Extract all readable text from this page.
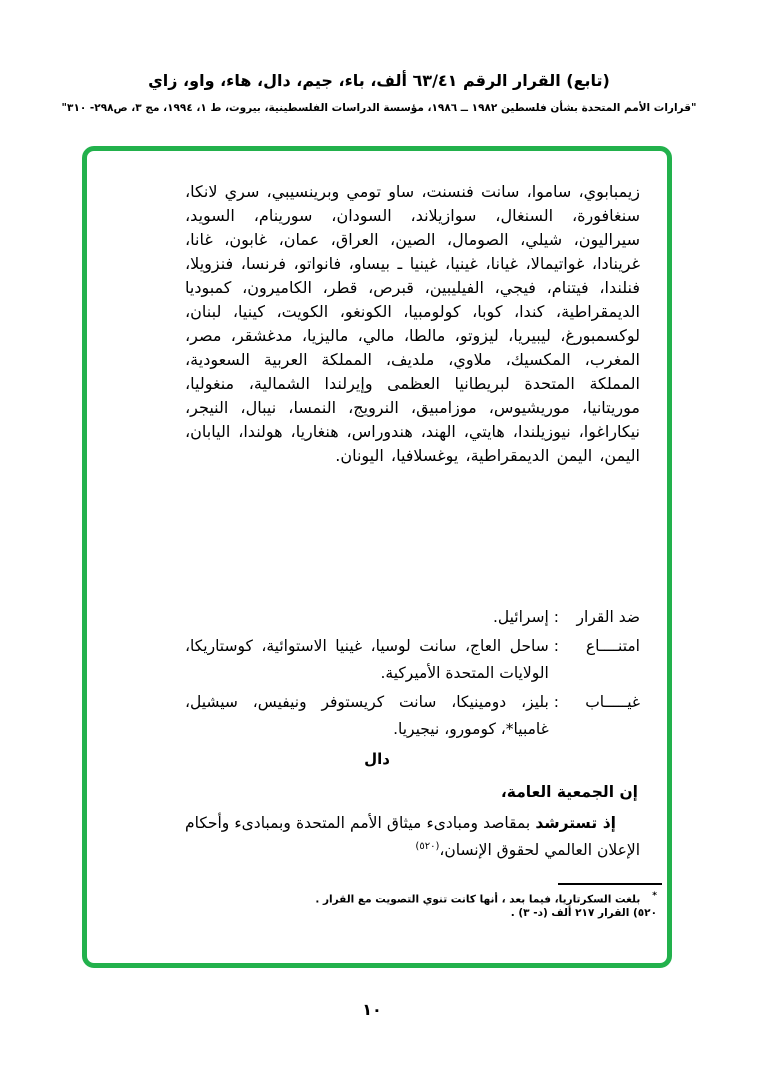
(تابع) القرار الرقم ٦٣/٤١ ألف، باء، جيم، دال، هاء، واو، زاي
"قرارات الأمم المتحدة بشأن فلسطين ١٩٨٢ ــ ١٩٨٦، مؤسسة الدراسات الفلسطينية، بيروت، ط ١، ١٩٩٤، مج ٣، ص٢٩٨- ٣١٠"
زيمبابوي، ساموا، سانت فنسنت، ساو تومي وبرينسيبي، سري لانكا، سنغافورة، السنغال، سوازيلاند، السودان، سورينام، السويد، سيراليون، شيلي، الصومال، الصين، العراق، عمان، غابون، غانا، غرينادا، غواتيمالا، غيانا، غينيا، غينيا ـ بيساو، فانواتو، فرنسا، فنزويلا، فنلندا، فيتنام، فيجي، الفيليبين، قبرص، قطر، الكاميرون، كمبوديا الديمقراطية، كندا، كوبا، كولومبيا، الكونغو، الكويت، كينيا، لبنان، لوكسمبورغ، ليبيريا، ليزوتو، مالطا، مالي، ماليزيا، مدغشقر، مصر، المغرب، المكسيك، ملاوي، ملديف، المملكة العربية السعودية، المملكة المتحدة لبريطانيا العظمى وإيرلندا الشمالية، منغوليا، موريتانيا، موريشيوس، موزامبيق، النرويج، النمسا، نيبال، النيجر، نيكاراغوا، نيوزيلندا، هايتي، الهند، هندوراس، هنغاريا، هولندا، اليابان، اليمن، اليمن الديمقراطية، يوغسلافيا، اليونان.
ضد القرار
:
إسرائيل.
امتنــــاع
:
ساحل العاج، سانت لوسيا، غينيا الاستوائية، كوستاريكا، الولايات المتحدة الأميركية.
غيـــــاب
:
بليز، دومينيكا، سانت كريستوفر ونيفيس، سيشيل، غامبيا*، كومورو، نيجيريا.
دال
إن الجمعية العامة،
إذ تسترشد بمقاصد ومبادىء ميثاق الأمم المتحدة وبمبادىء وأحكام الإعلان العالمي لحقوق الإنسان،$^{(٥٢٠)}$
*بلغت السكرتاريا، فيما بعد ، أنها كانت تنوي التصويت مع القرار .
٥٢٠) القرار ٢١٧ ألف (د- ٣) .
١٠
